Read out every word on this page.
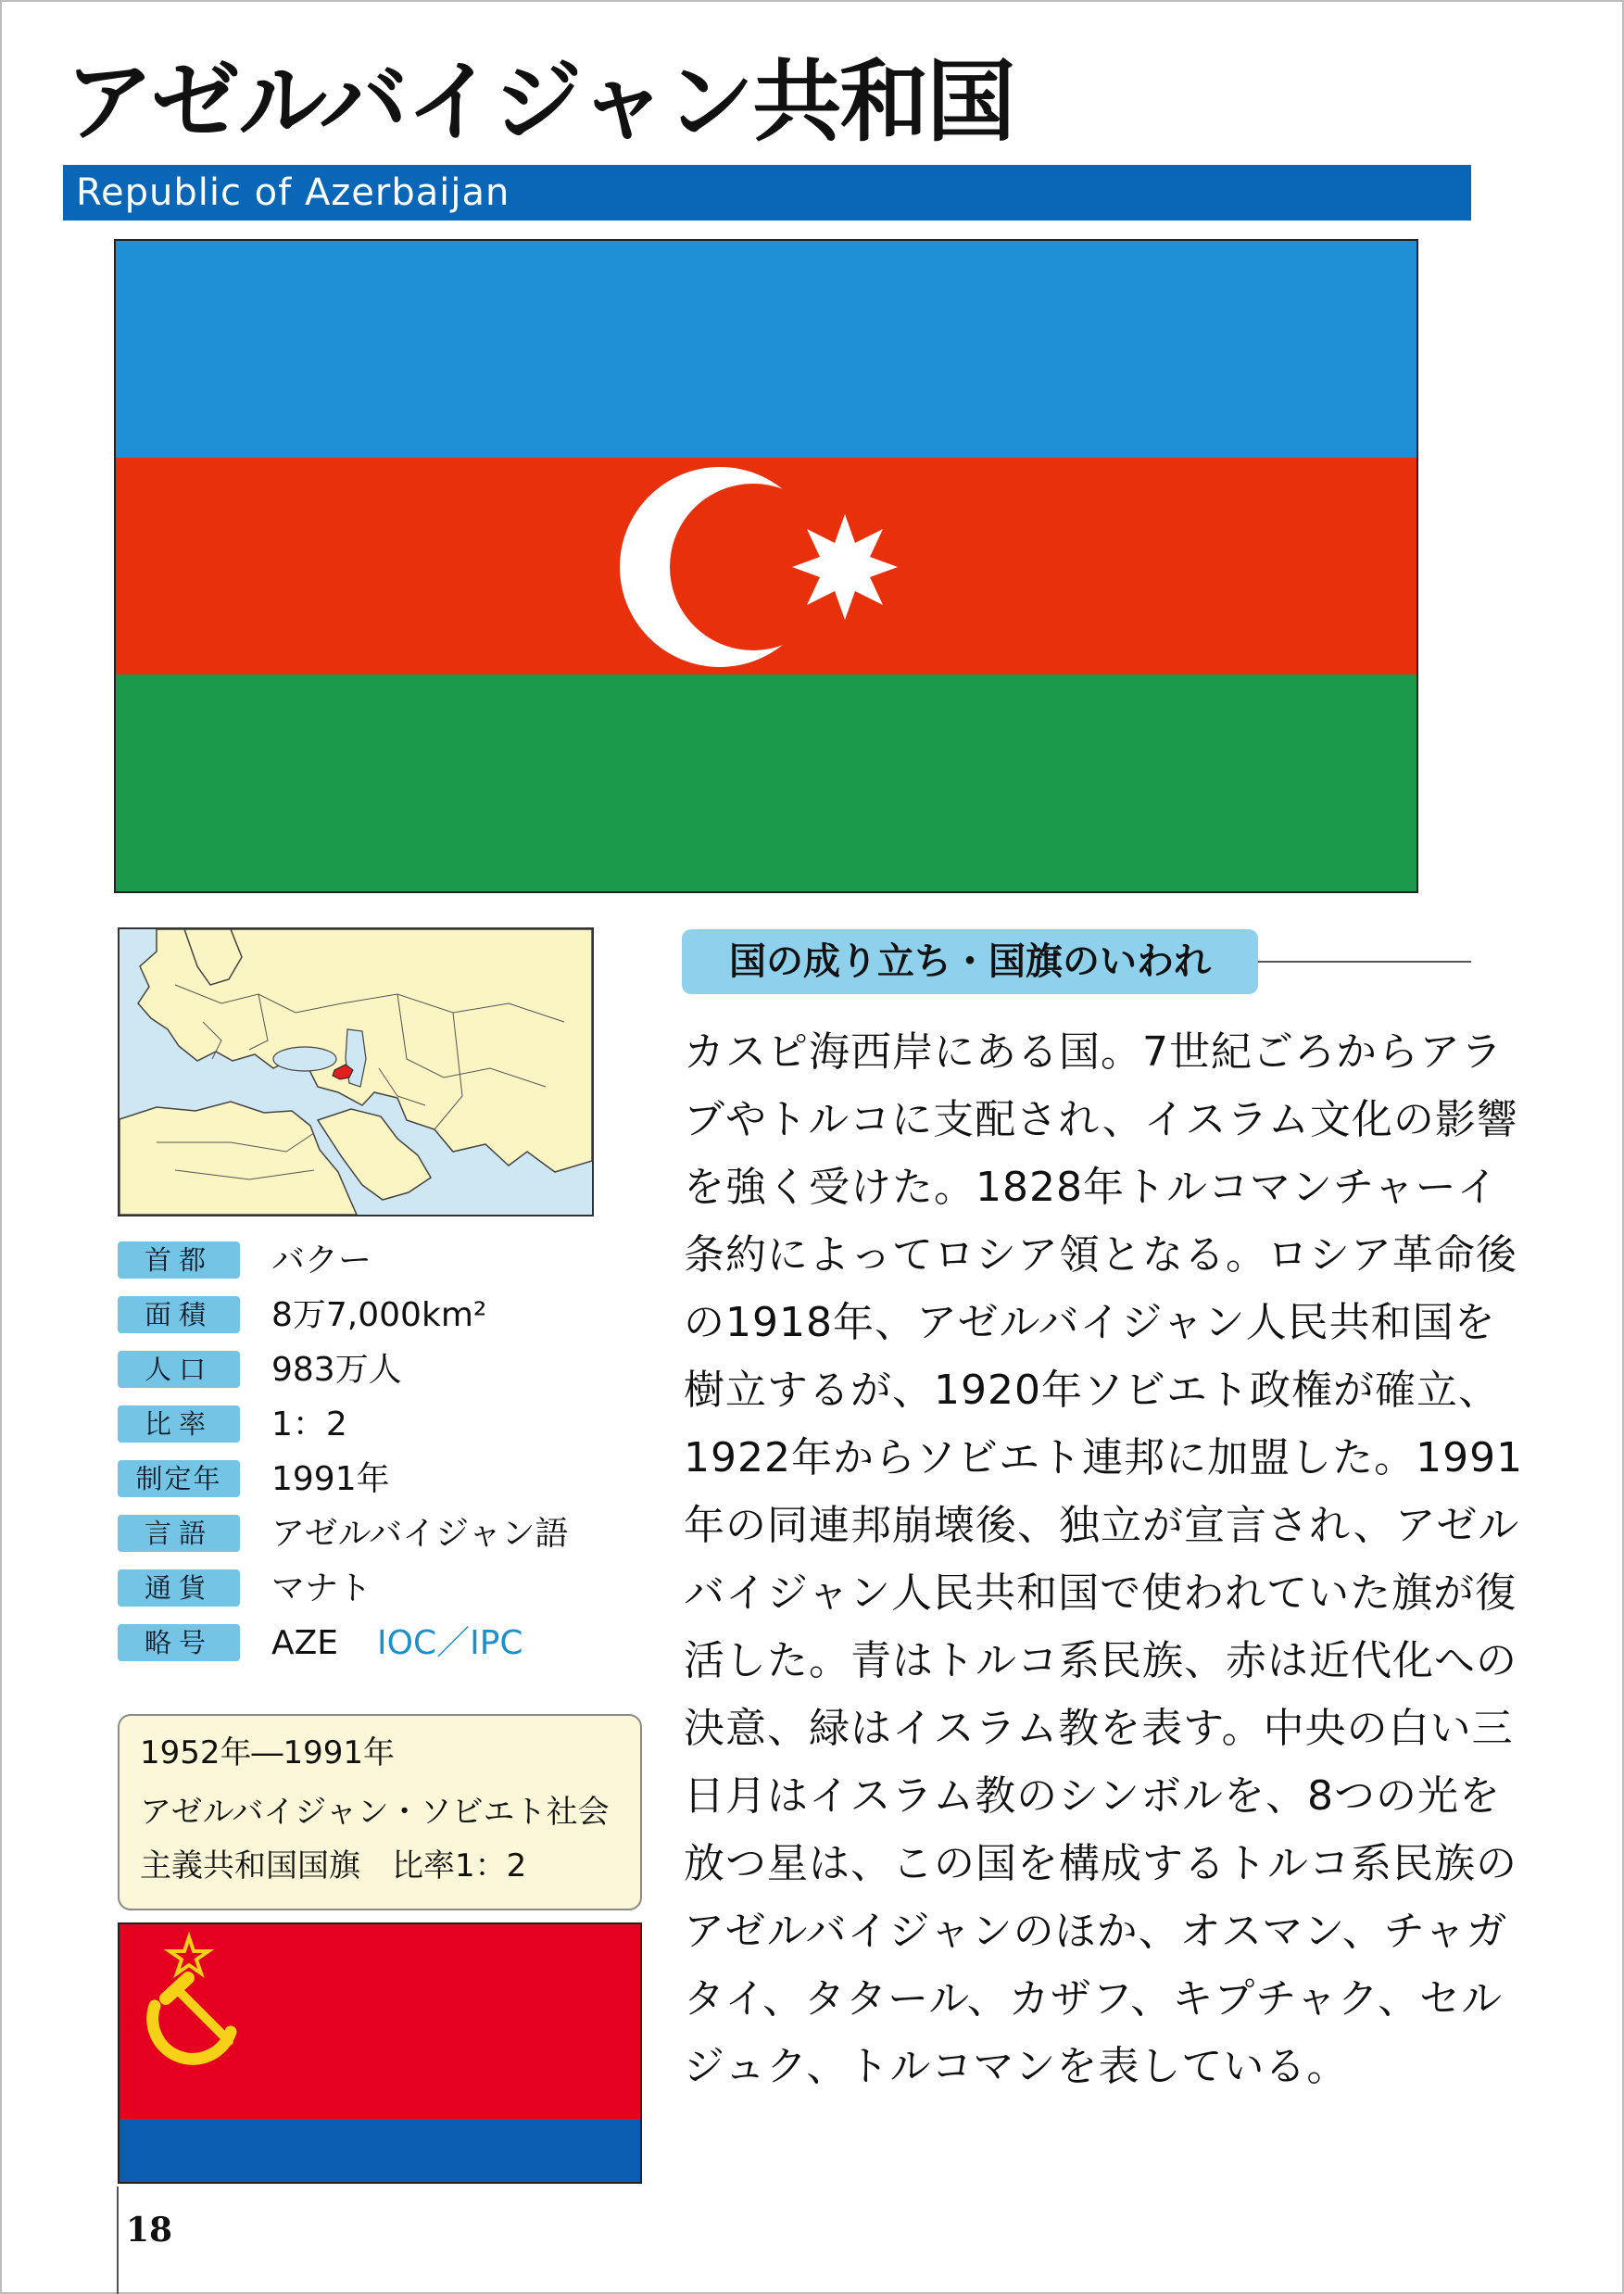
アゼルバイジャン共和国
Republic of Azerbaijan
首都	バクー
面積	8万7,000km²
人口	983万人
比率	1：2
制定年	1991年
言語	アゼルバイジャン語
通貨	マナト
略号	AZE IOC／IPC
1952年―1991年
アゼルバイジャン・ソビエト社会
主義共和国国旗　比率1：2
国の成り立ち・国旗のいわれ
カスピ海西岸にある国。7世紀ごろからアラ
ブやトルコに支配され、イスラム文化の影響
を強く受けた。1828年トルコマンチャーイ
条約によってロシア領となる。ロシア革命後
の1918年、アゼルバイジャン人民共和国を
樹立するが、1920年ソビエト政権が確立、
1922年からソビエト連邦に加盟した。1991
年の同連邦崩壊後、独立が宣言され、アゼル
バイジャン人民共和国で使われていた旗が復
活した。青はトルコ系民族、赤は近代化への
決意、緑はイスラム教を表す。中央の白い三
日月はイスラム教のシンボルを、8つの光を
放つ星は、この国を構成するトルコ系民族の
アゼルバイジャンのほか、オスマン、チャガ
タイ、タタール、カザフ、キプチャク、セル
ジュク、トルコマンを表している。
18
